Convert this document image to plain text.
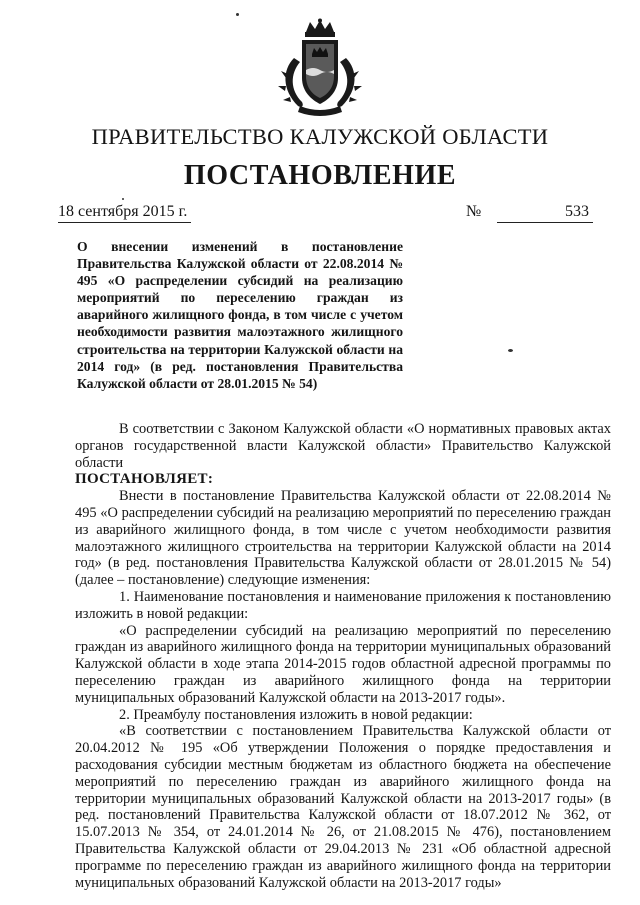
ПРАВИТЕЛЬСТВО КАЛУЖСКОЙ ОБЛАСТИ
ПОСТАНОВЛЕНИЕ
18 сентября 2015 г.	№	533
О внесении изменений в постановление Правительства Калужской области от 22.08.2014 № 495 «О распределении субсидий на реализацию мероприятий по переселению граждан из аварийного жилищного фонда, в том числе с учетом необходимости развития малоэтажного жилищного строительства на территории Калужской области на 2014 год» (в ред. постановления Правительства Калужской области от 28.01.2015 № 54)

В соответствии с Законом Калужской области «О нормативных правовых актах органов государственной власти Калужской области» Правительство Калужской области

ПОСТАНОВЛЯЕТ:

Внести в постановление Правительства Калужской области от 22.08.2014 № 495 «О распределении субсидий на реализацию мероприятий по переселению граждан из аварийного жилищного фонда, в том числе с учетом необходимости развития малоэтажного жилищного строительства на территории Калужской области на 2014 год» (в ред. постановления Правительства Калужской области от 28.01.2015 № 54) (далее – постановление) следующие изменения:

1. Наименование постановления и наименование приложения к постановлению изложить в новой редакции:

«О распределении субсидий на реализацию мероприятий по переселению граждан из аварийного жилищного фонда на территории муниципальных образований Калужской области в ходе этапа 2014-2015 годов областной адресной программы по переселению граждан из аварийного жилищного фонда на территории муниципальных образований Калужской области на 2013-2017 годы».

2. Преамбулу постановления изложить в новой редакции:

«В соответствии с постановлением Правительства Калужской области от 20.04.2012 № 195 «Об утверждении Положения о порядке предоставления и расходования субсидии местным бюджетам из областного бюджета на обеспечение мероприятий по переселению граждан из аварийного жилищного фонда на территории муниципальных образований Калужской области на 2013-2017 годы» (в ред. постановлений Правительства Калужской области от 18.07.2012 № 362, от 15.07.2013 № 354, от 24.01.2014 № 26, от 21.08.2015 № 476), постановлением Правительства Калужской области от 29.04.2013 № 231 «Об областной адресной программе по переселению граждан из аварийного жилищного фонда на территории муниципальных образований Калужской области на 2013-2017 годы»
